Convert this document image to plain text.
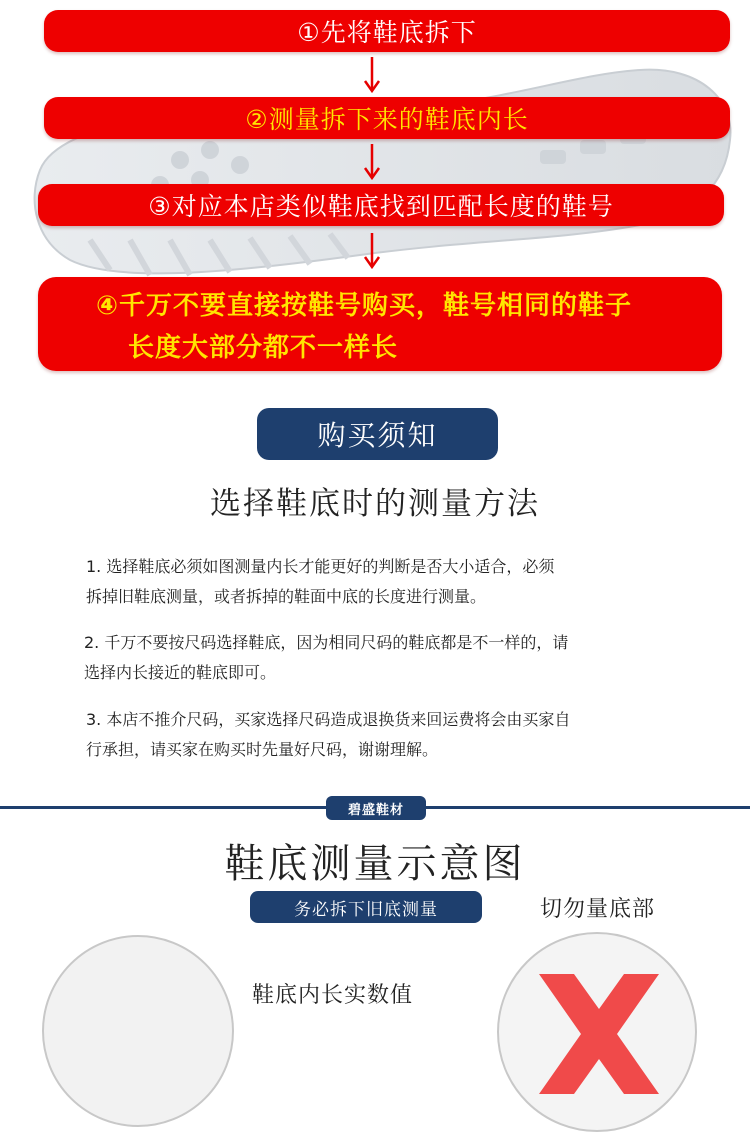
①先将鞋底拆下
②测量拆下来的鞋底内长
③对应本店类似鞋底找到匹配长度的鞋号
④千万不要直接按鞋号购买，鞋号相同的鞋子
长度大部分都不一样长
购买须知
选择鞋底时的测量方法
1. 选择鞋底必须如图测量内长才能更好的判断是否大小适合，必须
拆掉旧鞋底测量，或者拆掉的鞋面中底的长度进行测量。
2. 千万不要按尺码选择鞋底，因为相同尺码的鞋底都是不一样的，请
选择内长接近的鞋底即可。
3. 本店不推介尺码，买家选择尺码造成退换货来回运费将会由买家自
行承担，请买家在购买时先量好尺码，谢谢理解。
碧盛鞋材
鞋底测量示意图
务必拆下旧底测量	切勿量底部
鞋底内长实数值
